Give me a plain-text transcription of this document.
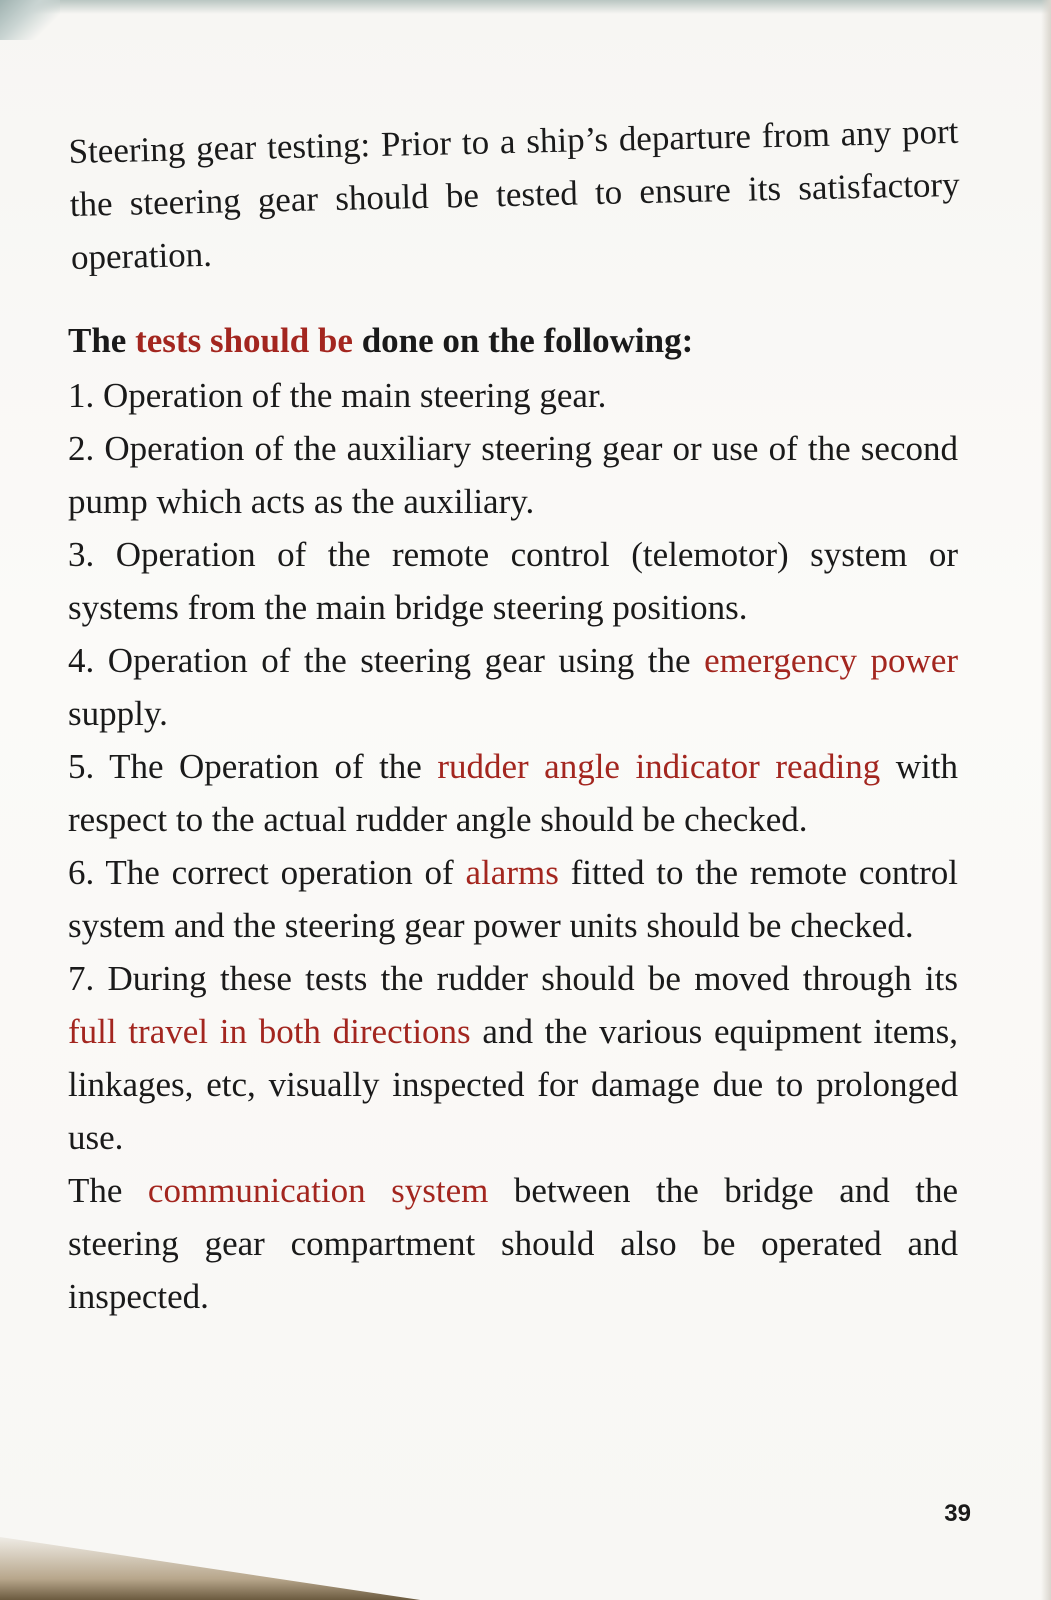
Steering gear testing: Prior to a ship’s departure from any port the steering gear should be tested to ensure its satisfactory operation.

The tests should be done on the following:

1. Operation of the main steering gear.

2. Operation of the auxiliary steering gear or use of the second pump which acts as the auxiliary.

3. Operation of the remote control (telemotor) system or systems from the main bridge steering positions.

4. Operation of the steering gear using the emergency power supply.

5. The Operation of the rudder angle indicator reading with respect to the actual rudder angle should be checked.

6. The correct operation of alarms fitted to the remote control system and the steering gear power units should be checked.

7. During these tests the rudder should be moved through its full travel in both directions and the various equipment items, linkages, etc, visually inspected for damage due to prolonged use.

The communication system between the bridge and the steering gear compartment should also be operated and inspected.

39
